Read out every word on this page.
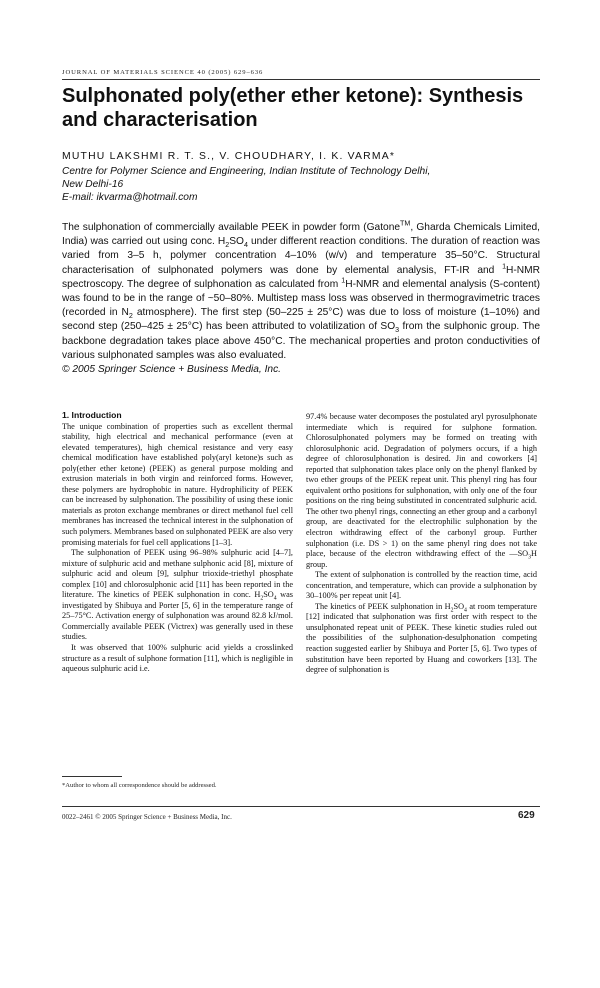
JOURNAL OF MATERIALS SCIENCE 40 (2005) 629–636
Sulphonated poly(ether ether ketone): Synthesis and characterisation
MUTHU LAKSHMI R. T. S., V. CHOUDHARY, I. K. VARMA*

Centre for Polymer Science and Engineering, Indian Institute of Technology Delhi,
New Delhi-16
E-mail: ikvarma@hotmail.com

The sulphonation of commercially available PEEK in powder form (Gatone™, Gharda Chemicals Limited, India) was carried out using conc. $H_2SO_4$ under different reaction conditions. The duration of reaction was varied from 3–5 h, polymer concentration 4–10% (w/v) and temperature 35–50°C. Structural characterisation of sulphonated polymers was done by elemental analysis, FT-IR and $^1$H-NMR spectroscopy. The degree of sulphonation as calculated from $^1$H-NMR and elemental analysis (S-content) was found to be in the range of ~50–80%. Multistep mass loss was observed in thermogravimetric traces (recorded in $N_2$ atmosphere). The first step (50–225 ± 25°C) was due to loss of moisture (1–10%) and second step (250–425 ± 25°C) has been attributed to volatilization of $SO_3$ from the sulphonic group. The backbone degradation takes place above 450°C. The mechanical properties and proton conductivities of various sulphonated samples was also evaluated.

© 2005 Springer Science + Business Media, Inc.

1. Introduction

The unique combination of properties such as excellent thermal stability, high electrical and mechanical performance (even at elevated temperatures), high chemical resistance and very easy chemical modification have established poly(aryl ketone)s such as poly(ether ether ketone) (PEEK) as general purpose molding and extrusion materials in both virgin and reinforced forms. However, these polymers are hydrophobic in nature. Hydrophilicity of PEEK can be increased by sulphonation. The possibility of using these ionic materials as proton exchange membranes or direct methanol fuel cell membranes has increased the technical interest in the sulphonation of such polymers. Membranes based on sulphonated PEEK are also very promising materials for fuel cell applications [1–3].

The sulphonation of PEEK using 96–98% sulphuric acid [4–7], mixture of sulphuric acid and methane sulphonic acid [8], mixture of sulphuric acid and oleum [9], sulphur trioxide-triethyl phosphate complex [10] and chlorosulphonic acid [11] has been reported in the literature. The kinetics of PEEK sulphonation in conc. $H_2SO_4$ was investigated by Shibuya and Porter [5, 6] in the temperature range of 25–75°C. Activation energy of sulphonation was around 82.8 kJ/mol. Commercially available PEEK (Victrex) was generally used in these studies.

It was observed that 100% sulphuric acid yields a crosslinked structure as a result of sulphone formation [11], which is negligible in aqueous sulphuric acid i.e.

97.4% because water decomposes the postulated aryl pyrosulphonate intermediate which is required for sulphone formation. Chlorosulphonated polymers may be formed on treating with chlorosulphonic acid. Degradation of polymers occurs, if a high degree of chlorosulphonation is desired. Jin and coworkers [4] reported that sulphonation takes place only on the phenyl flanked by two ether groups of the PEEK repeat unit. This phenyl ring has four equivalent ortho positions for sulphonation, with only one of the four positions on the ring being substituted in concentrated sulphuric acid. The other two phenyl rings, connecting an ether group and a carbonyl group, are deactivated for the electrophilic sulphonation by the electron withdrawing effect of the carbonyl group. Further sulphonation (i.e. DS > 1) on the same phenyl ring does not take place, because of the electron withdrawing effect of the $—SO_3H$ group.

The extent of sulphonation is controlled by the reaction time, acid concentration, and temperature, which can provide a sulphonation by 30–100% per repeat unit [4].

The kinetics of PEEK sulphonation in $H_2SO_4$ at room temperature [12] indicated that sulphonation was first order with respect to the unsulphonated repeat unit of PEEK. These kinetic studies ruled out the possibilities of the sulphonation-desulphonation competing reaction suggested earlier by Shibuya and Porter [5, 6]. Two types of substitution have been reported by Huang and coworkers [13]. The degree of sulphonation is

*Author to whom all correspondence should be addressed.
0022–2461 © 2005 Springer Science + Business Media, Inc.	629
